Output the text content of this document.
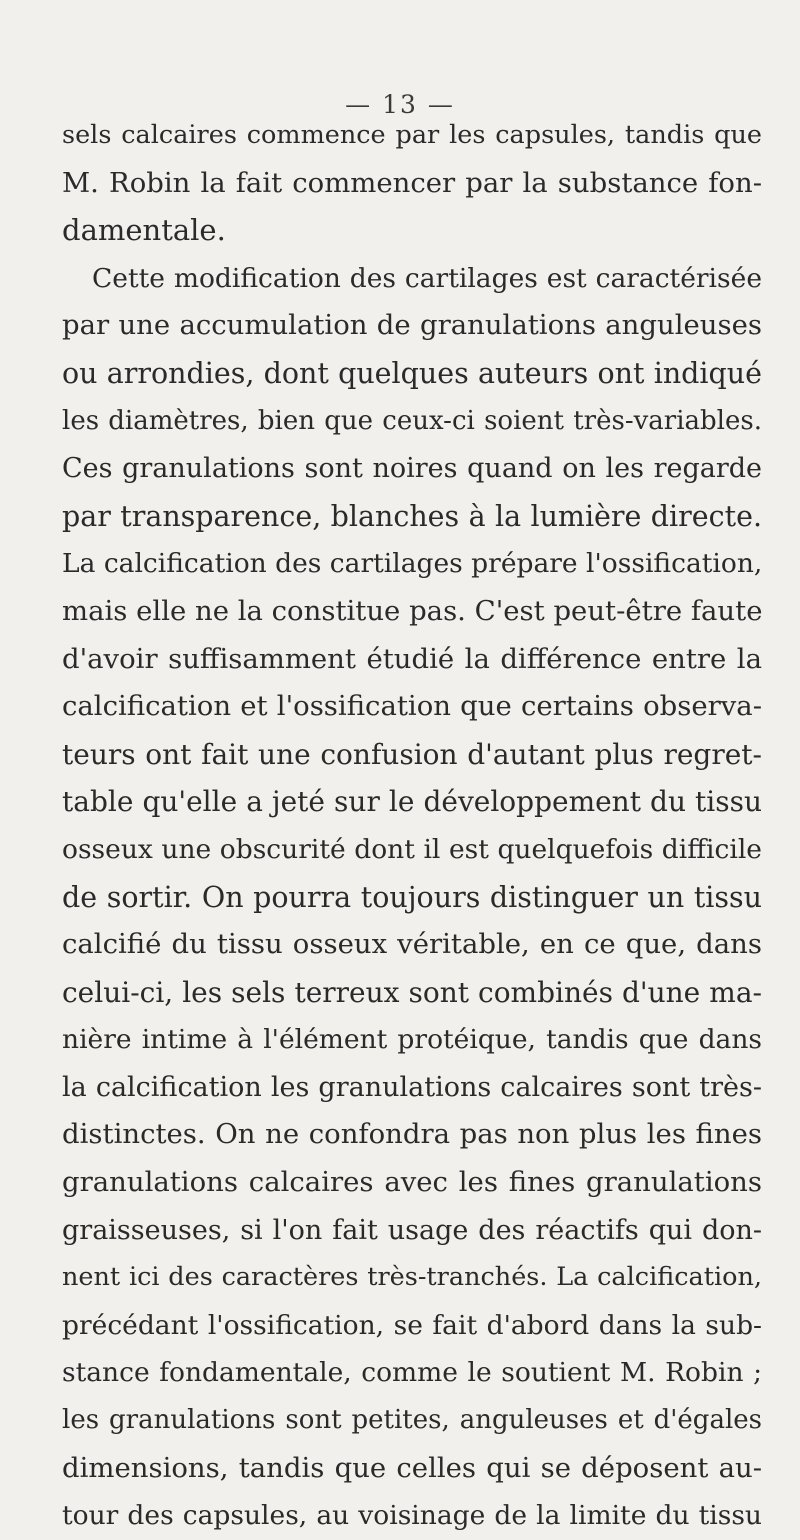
— 13 —
sels calcaires commence par les capsules, tandis que
M. Robin la fait commencer par la substance fon-
damentale.
Cette modification des cartilages est caractérisée
par une accumulation de granulations anguleuses
ou arrondies, dont quelques auteurs ont indiqué
les diamètres, bien que ceux-ci soient très-variables.
Ces granulations sont noires quand on les regarde
par transparence, blanches à la lumière directe.
La calcification des cartilages prépare l'ossification,
mais elle ne la constitue pas. C'est peut-être faute
d'avoir suffisamment étudié la différence entre la
calcification et l'ossification que certains observa-
teurs ont fait une confusion d'autant plus regret-
table qu'elle a jeté sur le développement du tissu
osseux une obscurité dont il est quelquefois difficile
de sortir. On pourra toujours distinguer un tissu
calcifié du tissu osseux véritable, en ce que, dans
celui-ci, les sels terreux sont combinés d'une ma-
nière intime à l'élément protéique, tandis que dans
la calcification les granulations calcaires sont très-
distinctes. On ne confondra pas non plus les fines
granulations calcaires avec les fines granulations
graisseuses, si l'on fait usage des réactifs qui don-
nent ici des caractères très-tranchés. La calcification,
précédant l'ossification, se fait d'abord dans la sub-
stance fondamentale, comme le soutient M. Robin ;
les granulations sont petites, anguleuses et d'égales
dimensions, tandis que celles qui se déposent au-
tour des capsules, au voisinage de la limite du tissu
